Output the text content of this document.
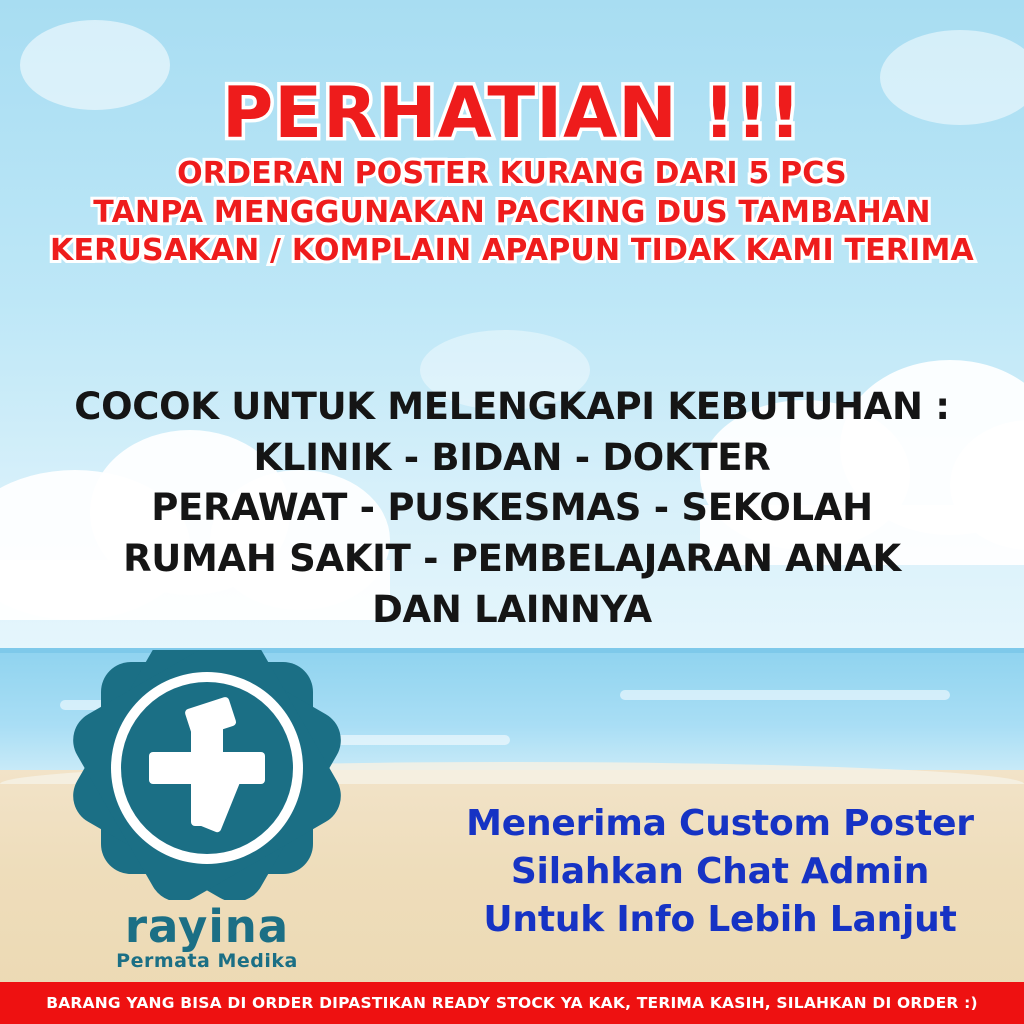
PERHATIAN !!!
ORDERAN POSTER KURANG DARI 5 PCS
TANPA MENGGUNAKAN PACKING DUS TAMBAHAN
KERUSAKAN / KOMPLAIN APAPUN TIDAK KAMI TERIMA
COCOK UNTUK MELENGKAPI KEBUTUHAN :
KLINIK - BIDAN - DOKTER
PERAWAT - PUSKESMAS - SEKOLAH
RUMAH SAKIT - PEMBELAJARAN ANAK
DAN LAINNYA
rayina
Permata Medika
Menerima Custom Poster
Silahkan Chat Admin
Untuk Info Lebih Lanjut
BARANG YANG BISA DI ORDER DIPASTIKAN READY STOCK YA KAK, TERIMA KASIH, SILAHKAN DI ORDER :)
